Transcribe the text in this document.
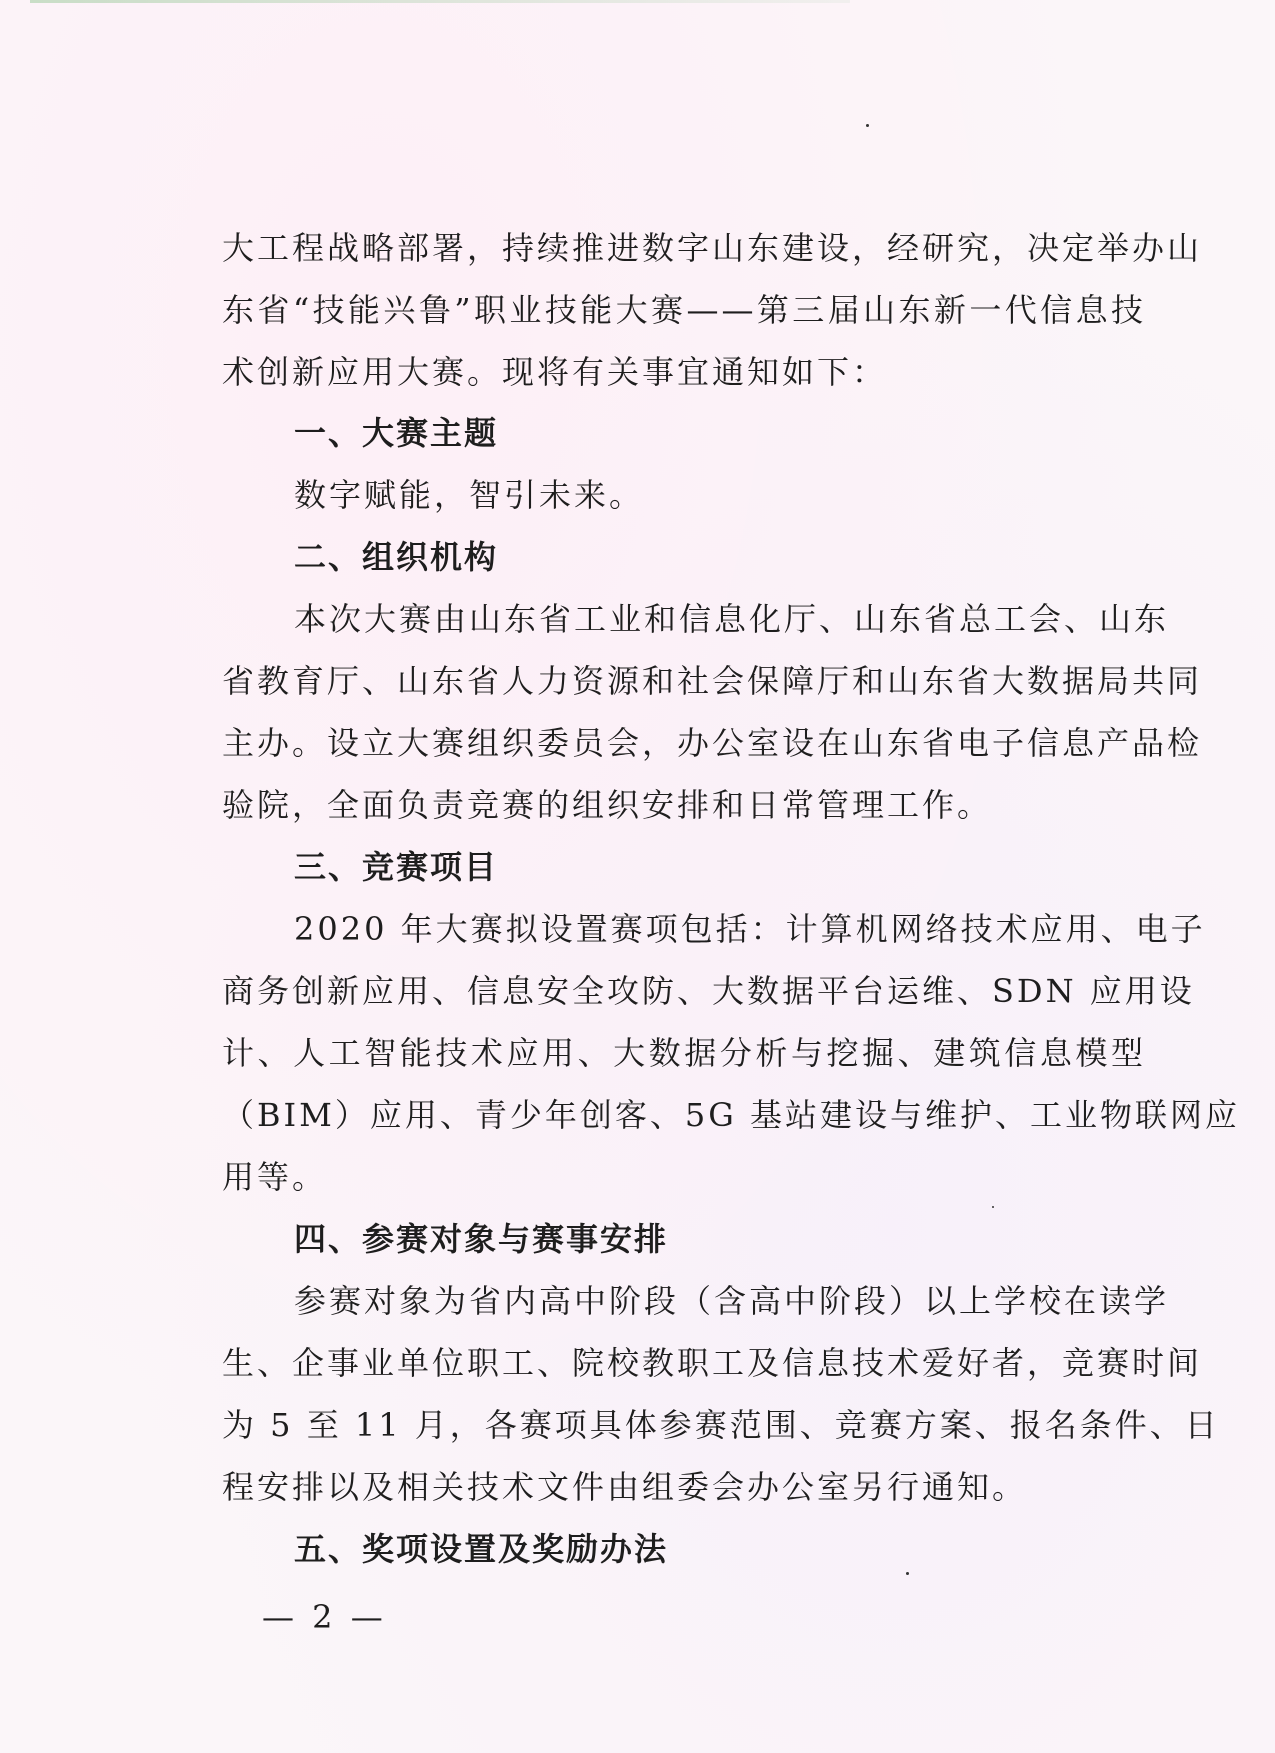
大工程战略部署，持续推进数字山东建设，经研究，决定举办山
东省“技能兴鲁”职业技能大赛——第三届山东新一代信息技
术创新应用大赛。现将有关事宜通知如下：
一、大赛主题
数字赋能，智引未来。
二、组织机构
本次大赛由山东省工业和信息化厅、山东省总工会、山东
省教育厅、山东省人力资源和社会保障厅和山东省大数据局共同
主办。设立大赛组织委员会，办公室设在山东省电子信息产品检
验院，全面负责竞赛的组织安排和日常管理工作。
三、竞赛项目
2020 年大赛拟设置赛项包括：计算机网络技术应用、电子
商务创新应用、信息安全攻防、大数据平台运维、SDN 应用设
计、人工智能技术应用、大数据分析与挖掘、建筑信息模型
（BIM）应用、青少年创客、5G 基站建设与维护、工业物联网应
用等。
四、参赛对象与赛事安排
参赛对象为省内高中阶段（含高中阶段）以上学校在读学
生、企事业单位职工、院校教职工及信息技术爱好者，竞赛时间
为 5 至 11 月，各赛项具体参赛范围、竞赛方案、报名条件、日
程安排以及相关技术文件由组委会办公室另行通知。
五、奖项设置及奖励办法
— 2 —
